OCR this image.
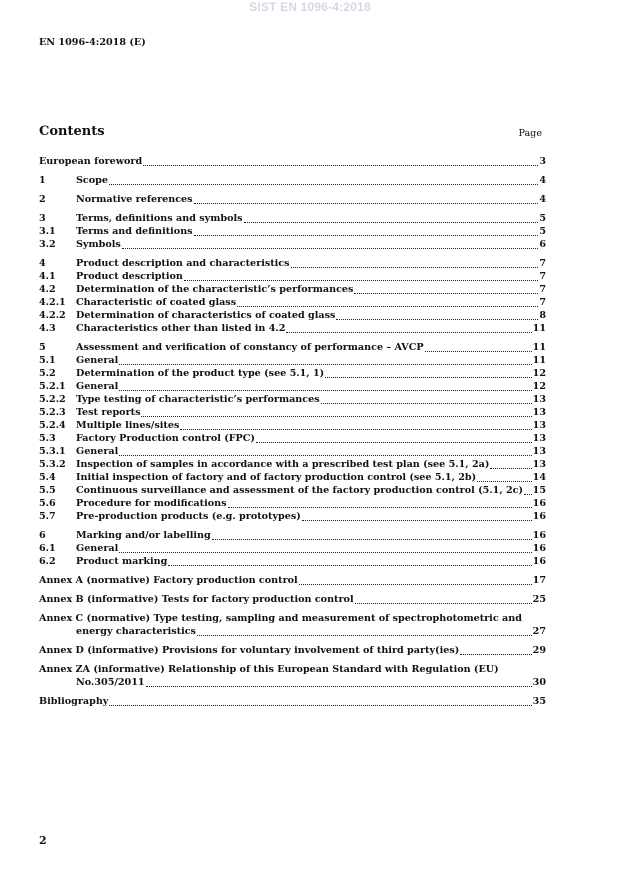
SIST EN 1096-4:2018
EN 1096-4:2018 (E)
Contents	Page
European foreword	3
1	Scope	4
2	Normative references	4
3	Terms, definitions and symbols	5
3.1	Terms and definitions	5
3.2	Symbols	6
4	Product description and characteristics	7
4.1	Product description	7
4.2	Determination of the characteristic’s performances	7
4.2.1	Characteristic of coated glass	7
4.2.2	Determination of characteristics of coated glass	8
4.3	Characteristics other than listed in 4.2	11
5	Assessment and verification of constancy of performance – AVCP	11
5.1	General	11
5.2	Determination of the product type (see 5.1, 1)	12
5.2.1	General	12
5.2.2	Type testing of characteristic’s performances	13
5.2.3	Test reports	13
5.2.4	Multiple lines/sites	13
5.3	Factory Production control (FPC)	13
5.3.1	General	13
5.3.2	Inspection of samples in accordance with a prescribed test plan (see 5.1, 2a)	13
5.4	Initial inspection of factory and of factory production control (see 5.1, 2b)	14
5.5	Continuous surveillance and assessment of the factory production control (5.1, 2c) 15
5.6	Procedure for modifications	16
5.7	Pre-production products (e.g. prototypes)	16
6	Marking and/or labelling	16
6.1	General	16
6.2	Product marking	16
Annex A (normative) Factory production control	17
Annex B (informative) Tests for factory production control	25
Annex C (normative) Type testing, sampling and measurement of spectrophotometric and
energy characteristics	27
Annex D (informative) Provisions for voluntary involvement of third party(ies)	29
Annex ZA (informative) Relationship of this European Standard with Regulation (EU)
No.305/2011	30
Bibliography	35
2
